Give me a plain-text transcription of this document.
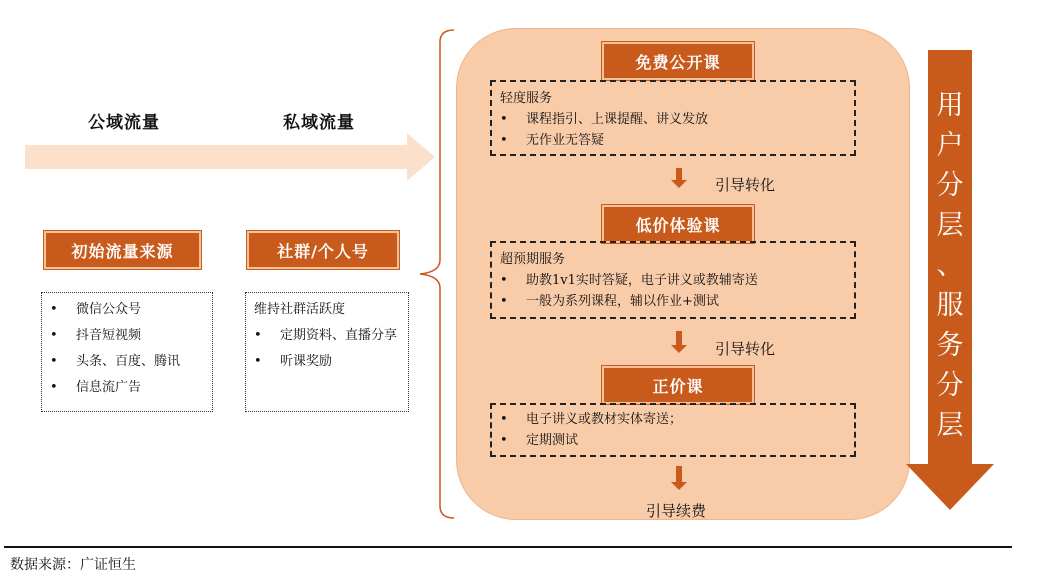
公域流量	私域流量
初始流量来源	社群/个人号
•	微信公众号
•	抖音短视频
•	头条、百度、腾讯
•	信息流广告
维持社群活跃度
•	定期资料、直播分享
•	听课奖励
免费公开课
轻度服务
•	课程指引、上课提醒、讲义发放
•	无作业无答疑
引导转化
低价体验课
超预期服务
•	助教1v1实时答疑，电子讲义或教辅寄送
•	一般为系列课程，辅以作业+测试
引导转化
正价课
•	电子讲义或教材实体寄送；
•	定期测试
引导续费
用
户
分
层
、
服
务
分
层
数据来源：广证恒生
